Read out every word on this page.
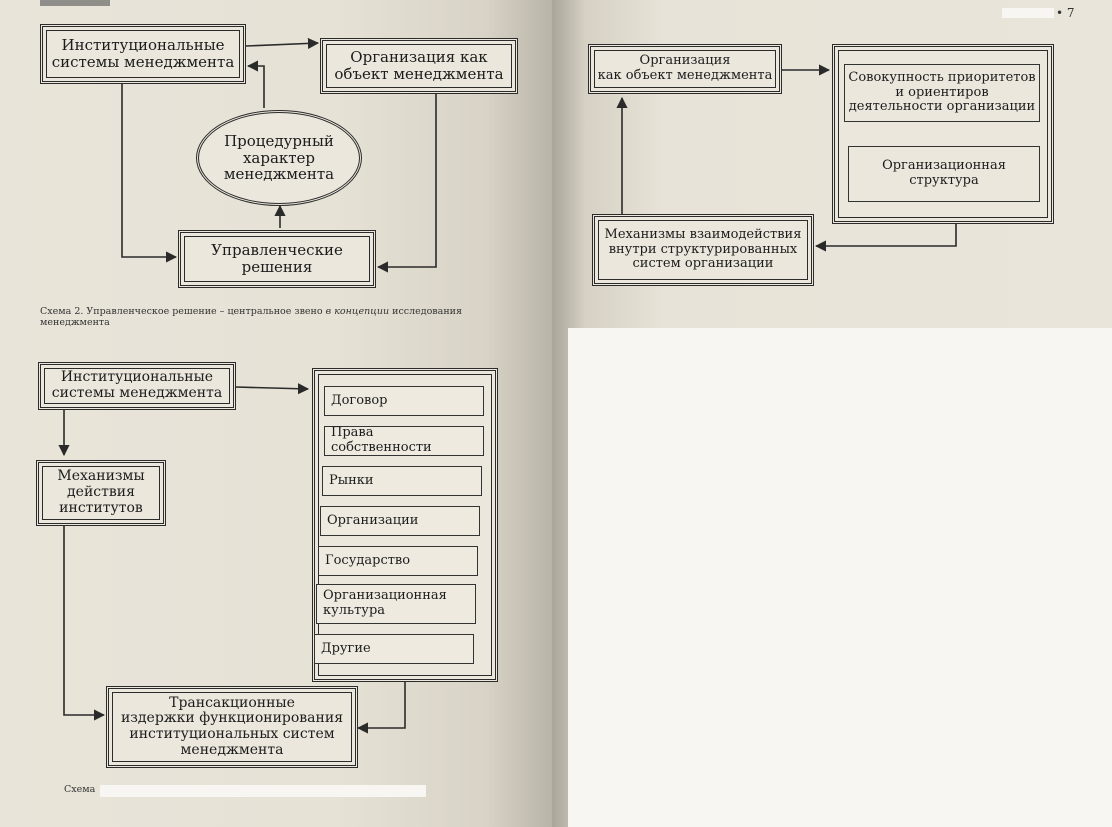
Институциональные
системы менеджмента	Организация как
объект менеджмента
Процедурный
характер
менеджмента
Управленческие
решения
Схема 2. Управленческое решение – центральное звено в концепции исследования менеджмента
Институциональные
системы менеджмента
Механизмы
действия
институтов
Договор
Права собственности
Рынки
Организации
Государство
Организационная
культура
Другие
Трансакционные
издержки функционирования
институциональных систем
менеджмента
Схема
• 7
Организация
как объект менеджмента	Совокупность приоритетов
и ориентиров
деятельности организации
Организационная
структура
Механизмы взаимодействия
внутри структурированных
систем организации
